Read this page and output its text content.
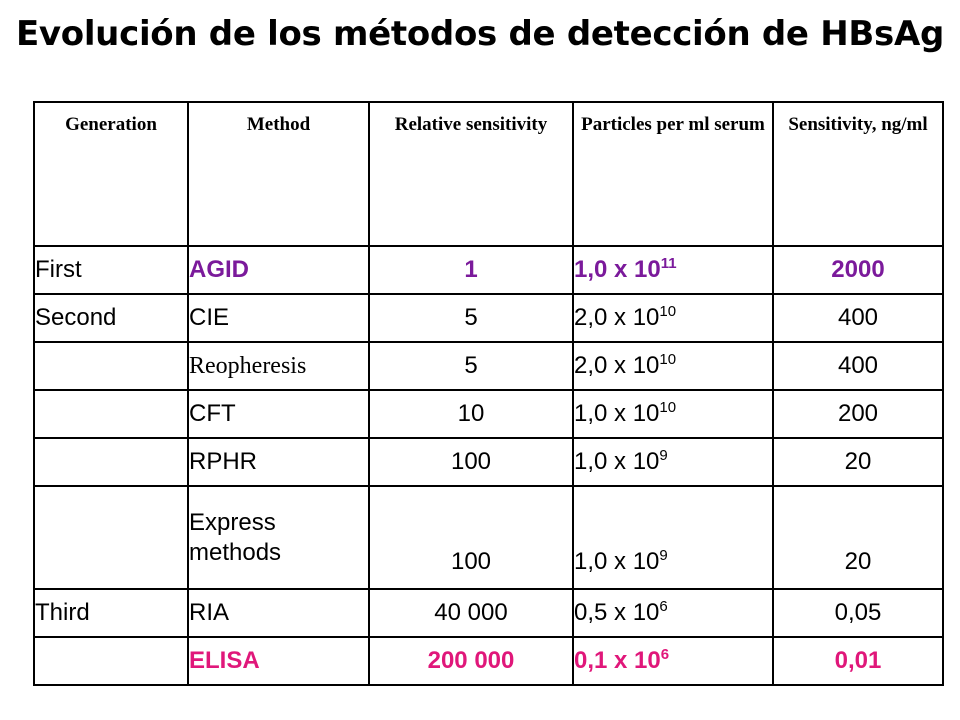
Evolución de los métodos de detección de HBsAg
Generation	Method	Relative sensitivity	Particles per ml serum	Sensitivity, ng/ml
First	AGID	1	1,0 x $10^{11}$	2000
Second	CIE	5	2,0 x $10^{10}$	400
	Reopheresis	5	2,0 x $10^{10}$	400
	CFT	10	1,0 x $10^{10}$	200
	RPHR	100	1,0 x $10^9$	20
	Express methods	100	1,0 x $10^9$	20
Third	RIA	40 000	0,5 x $10^6$	0,05
	ELISA	200 000	0,1 x $10^6$	0,01
